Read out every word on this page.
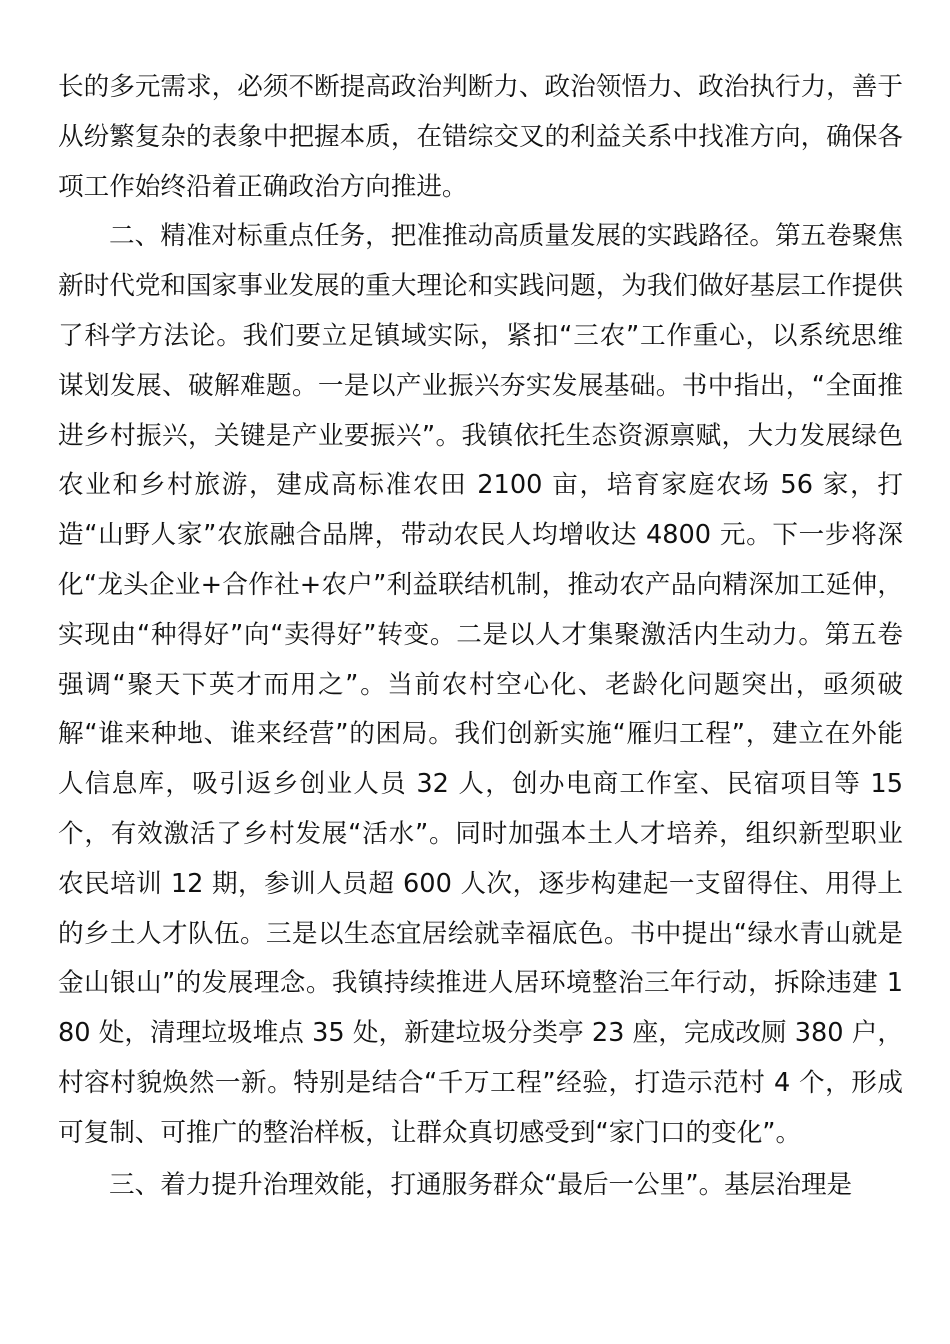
长的多元需求，必须不断提高政治判断力、政治领悟力、政治执行力，善于从纷繁复杂的表象中把握本质，在错综交叉的利益关系中找准方向，确保各项工作始终沿着正确政治方向推进。

二、精准对标重点任务，把准推动高质量发展的实践路径。第五卷聚焦新时代党和国家事业发展的重大理论和实践问题，为我们做好基层工作提供了科学方法论。我们要立足镇域实际，紧扣“三农”工作重心，以系统思维谋划发展、破解难题。一是以产业振兴夯实发展基础。书中指出，“全面推进乡村振兴，关键是产业要振兴”。我镇依托生态资源禀赋，大力发展绿色农业和乡村旅游，建成高标准农田 2100 亩，培育家庭农场 56 家，打造“山野人家”农旅融合品牌，带动农民人均增收达 4800 元。下一步将深化“龙头企业+合作社+农户”利益联结机制，推动农产品向精深加工延伸，实现由“种得好”向“卖得好”转变。二是以人才集聚激活内生动力。第五卷强调“聚天下英才而用之”。当前农村空心化、老龄化问题突出，亟须破解“谁来种地、谁来经营”的困局。我们创新实施“雁归工程”，建立在外能人信息库，吸引返乡创业人员 32 人，创办电商工作室、民宿项目等 15 个，有效激活了乡村发展“活水”。同时加强本土人才培养，组织新型职业农民培训 12 期，参训人员超 600 人次，逐步构建起一支留得住、用得上的乡土人才队伍。三是以生态宜居绘就幸福底色。书中提出“绿水青山就是金山银山”的发展理念。我镇持续推进人居环境整治三年行动，拆除违建 180 处，清理垃圾堆点 35 处，新建垃圾分类亭 23 座，完成改厕 380 户，村容村貌焕然一新。特别是结合“千万工程”经验，打造示范村 4 个，形成可复制、可推广的整治样板，让群众真切感受到“家门口的变化”。

三、着力提升治理效能，打通服务群众“最后一公里”。基层治理是
